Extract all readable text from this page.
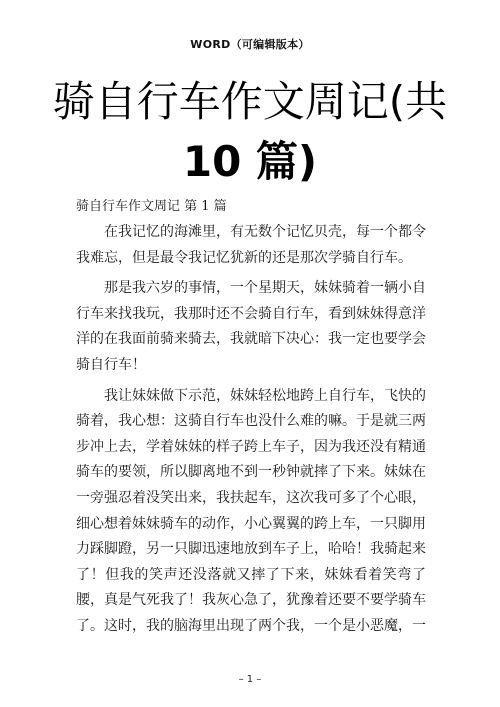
WORD（可编辑版本）
骑自行车作文周记(共
10 篇)
骑自行车作文周记 第 1 篇

在我记忆的海滩里，有无数个记忆贝壳，每一个都令我难忘，但是最令我记忆犹新的还是那次学骑自行车。

那是我六岁的事情，一个星期天，妹妹骑着一辆小自行车来找我玩，我那时还不会骑自行车，看到妹妹得意洋洋的在我面前骑来骑去，我就暗下决心：我一定也要学会骑自行车！

我让妹妹做下示范，妹妹轻松地跨上自行车，飞快的骑着，我心想：这骑自行车也没什么难的嘛。于是就三两步冲上去，学着妹妹的样子跨上车子，因为我还没有精通骑车的要领，所以脚离地不到一秒钟就摔了下来。妹妹在一旁强忍着没笑出来，我扶起车，这次我可多了个心眼，细心想着妹妹骑车的动作，小心翼翼的跨上车，一只脚用力踩脚蹬，另一只脚迅速地放到车子上，哈哈！我骑起来了！但我的笑声还没落就又摔了下来，妹妹看着笑弯了腰，真是气死我了！我灰心急了，犹豫着还要不要学骑车了。这时，我的脑海里出现了两个我，一个是小恶魔，一

– 1 –
